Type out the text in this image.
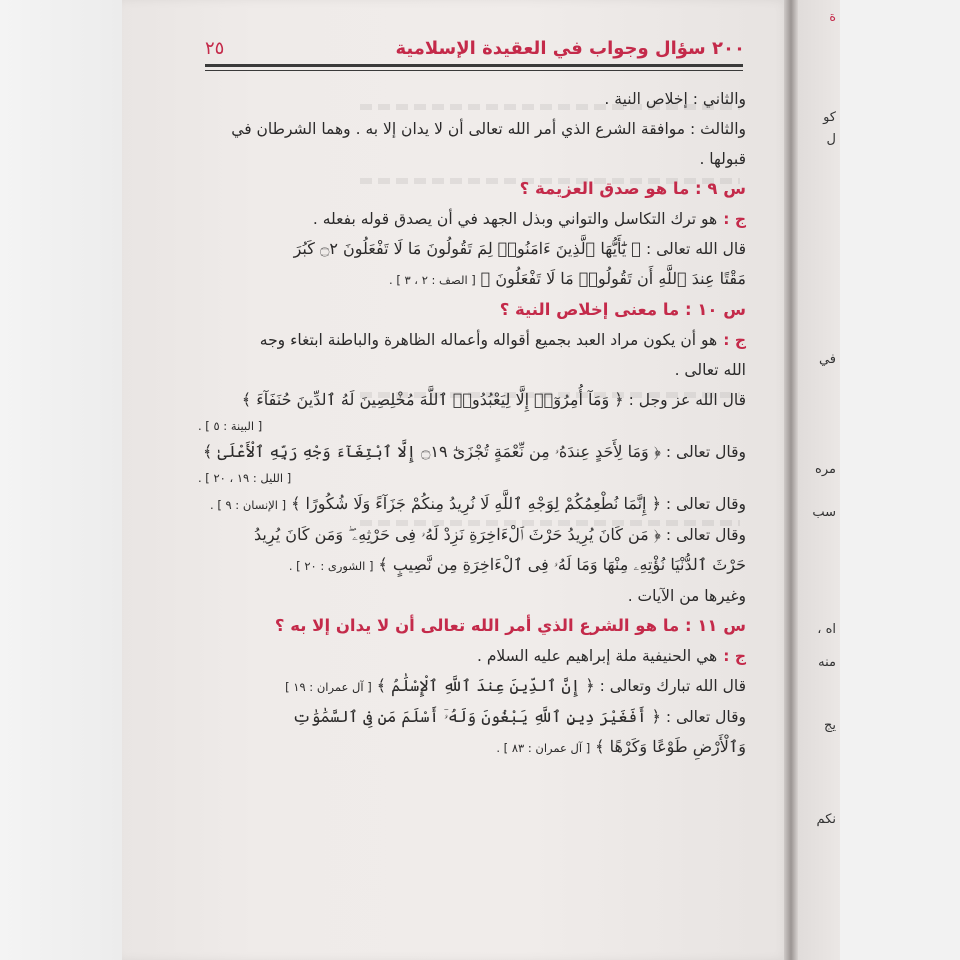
ة
كو
ل
في
مره
سب
اه ،
منه
يج
نكم
٢٥	٢٠٠ سؤال وجواب في العقيدة الإسلامية

والثاني : إخلاص النية .

والثالث : موافقة الشرع الذي أمر الله تعالى أن لا يدان إلا به . وهما الشرطان في

قبولها .

س ٩ : ما هو صدق العزيمة ؟

ج :هو ترك التكاسل والتواني وبذل الجهد في أن يصدق قوله بفعله .

قال الله تعالى : ﴿ يَٰٓأَيُّهَا ٱلَّذِينَ ءَامَنُوا۟ لِمَ تَقُولُونَ مَا لَا تَفْعَلُونَ ۝٢ كَبُرَ

مَقْتًا عِندَ ٱللَّهِ أَن تَقُولُوا۟ مَا لَا تَفْعَلُونَ ﴾ [ الصف : ٢ ، ٣ ] .

س ١٠ : ما معنى إخلاص النية ؟

ج :هو أن يكون مراد العبد بجميع أقواله وأعماله الظاهرة والباطنة ابتغاء وجه

الله تعالى .

قال الله عز وجل : ﴿ وَمَآ أُمِرُوٓا۟ إِلَّا لِيَعْبُدُوا۟ ٱللَّهَ مُخْلِصِينَ لَهُ ٱلدِّينَ حُنَفَآءَ ﴾

[ البينة : ٥ ] .

وقال تعالى : ﴿ وَمَا لِأَحَدٍ عِندَهُۥ مِن نِّعْمَةٍ تُجْزَىٰٓ ۝١٩ إِلَّا ٱبْتِغَآءَ وَجْهِ رَبِّهِ ٱلْأَعْلَىٰ ﴾

[ الليل : ١٩ ، ٢٠ ] .

وقال تعالى : ﴿ إِنَّمَا نُطْعِمُكُمْ لِوَجْهِ ٱللَّهِ لَا نُرِيدُ مِنكُمْ جَزَآءً وَلَا شُكُورًا ﴾ [ الإنسان : ٩ ] .

وقال تعالى : ﴿ مَن كَانَ يُرِيدُ حَرْثَ ٱلْءَاخِرَةِ نَزِدْ لَهُۥ فِى حَرْثِهِۦ ۖ وَمَن كَانَ يُرِيدُ

حَرْثَ ٱلدُّنْيَا نُؤْتِهِۦ مِنْهَا وَمَا لَهُۥ فِى ٱلْءَاخِرَةِ مِن نَّصِيبٍ ﴾ [ الشورى : ٢٠ ] .

وغيرها من الآيات .

س ١١ : ما هو الشرع الذي أمر الله تعالى أن لا يدان إلا به ؟

ج :هي الحنيفية ملة إبراهيم عليه السلام .

قال الله تبارك وتعالى : ﴿ إِنَّ ٱلدِّينَ عِندَ ٱللَّهِ ٱلْإِسْلَٰمُ ﴾ [ آل عمران : ١٩ ]

وقال تعالى : ﴿ أَفَغَيْرَ دِينِ ٱللَّهِ يَبْغُونَ وَلَهُۥٓ أَسْلَمَ مَن فِى ٱلسَّمَٰوَٰتِ

وَٱلْأَرْضِ طَوْعًا وَكَرْهًا ﴾ [ آل عمران : ٨٣ ] .
